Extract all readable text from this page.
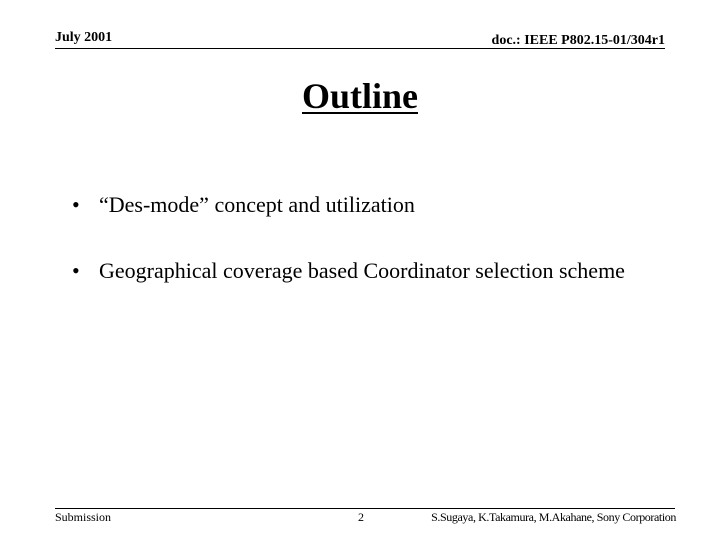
July 2001	doc.: IEEE P802.15-01/304r1
Outline
• “Des-mode” concept and utilization
• Geographical coverage based Coordinator selection scheme
Submission	2	S.Sugaya, K.Takamura, M.Akahane, Sony Corporation
